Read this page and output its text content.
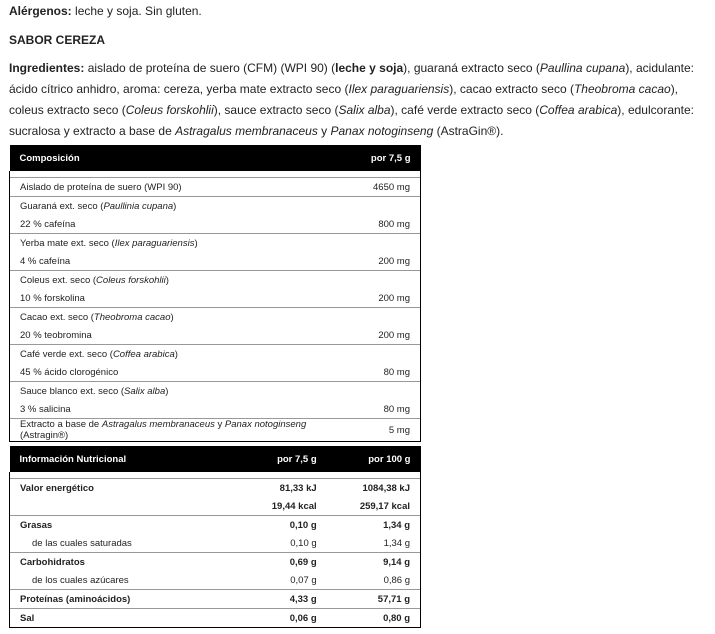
Alérgenos: leche y soja. Sin gluten.

SABOR CEREZA

Ingredientes: aislado de proteína de suero (CFM) (WPI 90) (leche y soja), guaraná extracto seco (Paullina cupana), acidulante: ácido cítrico anhidro, aroma: cereza, yerba mate extracto seco (Ilex paraguariensis), cacao extracto seco (Theobroma cacao), coleus extracto seco (Coleus forskohlii), sauce extracto seco (Salix alba), café verde extracto seco (Coffea arabica), edulcorante: sucralosa y extracto a base de Astragalus membranaceus y Panax notoginseng (AstraGin®).

Composición	por 7,5 g

Aislado de proteína de suero (WPI 90)	4650 mg
Guaraná ext. seco (Paullinia cupana)	
22 % cafeína	800 mg
Yerba mate ext. seco (Ilex paraguariensis)	
4 % cafeína	200 mg
Coleus ext. seco (Coleus forskohlii)	
10 % forskolina	200 mg
Cacao ext. seco (Theobroma cacao)	
20 % teobromina	200 mg
Café verde ext. seco (Coffea arabica)	
45 % ácido clorogénico	80 mg
Sauce blanco ext. seco (Salix alba)	
3 % salicina	80 mg
Extracto a base de Astragalus membranaceus y Panax notoginseng (Astragin®)	5 mg
Información Nutricional	por 7,5 g	por 100 g

Valor energético	81,33 kJ	1084,38 kJ
	19,44 kcal	259,17 kcal
Grasas	0,10 g	1,34 g
de las cuales saturadas	0,10 g	1,34 g
Carbohidratos	0,69 g	9,14 g
de los cuales azúcares	0,07 g	0,86 g
Proteínas (aminoácidos)	4,33 g	57,71 g
Sal	0,06 g	0,80 g
